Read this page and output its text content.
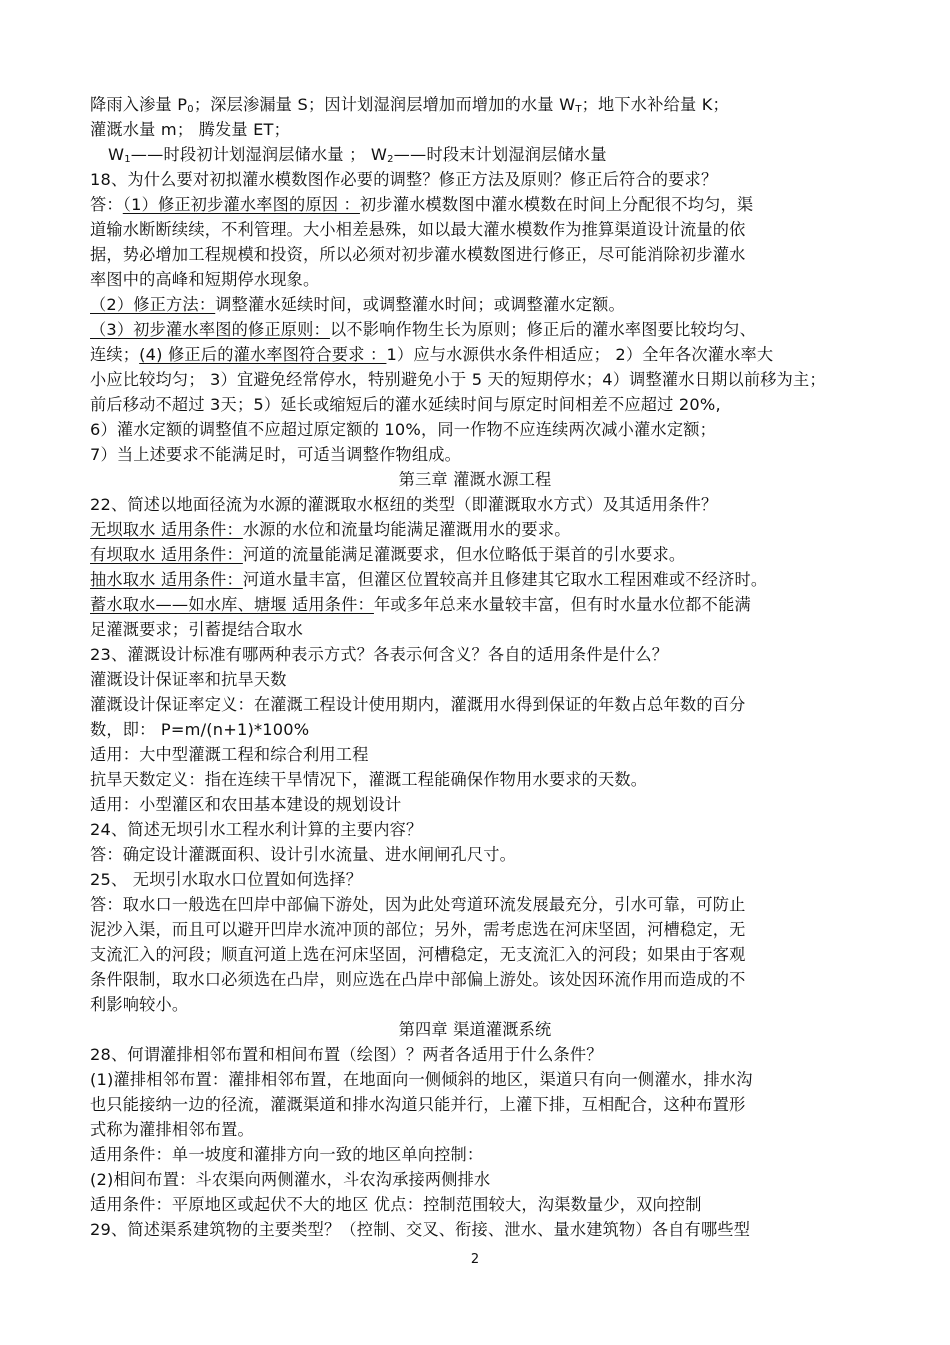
降雨入渗量 $P_0$；深层渗漏量 S；因计划湿润层增加而增加的水量 $W_T$；地下水补给量 K；
灌溉水量 m； 腾发量 ET；
$W_1——$时段初计划湿润层储水量 ； $W_2——$时段末计划湿润层储水量
18、为什么要对初拟灌水模数图作必要的调整？修正方法及原则？修正后符合的要求？
答：（1）修正初步灌水率图的原因 ：初步灌水模数图中灌水模数在时间上分配很不均匀，渠
道输水断断续续，不利管理。大小相差悬殊，如以最大灌水模数作为推算渠道设计流量的依
据，势必增加工程规模和投资，所以必须对初步灌水模数图进行修正，尽可能消除初步灌水
率图中的高峰和短期停水现象。
（2）修正方法：调整灌水延续时间，或调整灌水时间；或调整灌水定额。
（3）初步灌水率图的修正原则：以不影响作物生长为原则；修正后的灌水率图要比较均匀、
连续；(4) 修正后的灌水率图符合要求 ：1）应与水源供水条件相适应； 2）全年各次灌水率大
小应比较均匀； 3）宜避免经常停水，特别避免小于 5 天的短期停水；4）调整灌水日期以前移为主；
前后移动不超过 3天；5）延长或缩短后的灌水延续时间与原定时间相差不应超过 20%,
6）灌水定额的调整值不应超过原定额的 10%，同一作物不应连续两次减小灌水定额；
7）当上述要求不能满足时，可适当调整作物组成。
第三章 灌溉水源工程
22、简述以地面径流为水源的灌溉取水枢纽的类型（即灌溉取水方式）及其适用条件？
无坝取水 适用条件：水源的水位和流量均能满足灌溉用水的要求。
有坝取水 适用条件：河道的流量能满足灌溉要求，但水位略低于渠首的引水要求。
抽水取水 适用条件：河道水量丰富，但灌区位置较高并且修建其它取水工程困难或不经济时。
蓄水取水——如水库、塘堰 适用条件：年或多年总来水量较丰富，但有时水量水位都不能满
足灌溉要求；引蓄提结合取水
23、灌溉设计标准有哪两种表示方式？各表示何含义？各自的适用条件是什么？
灌溉设计保证率和抗旱天数
灌溉设计保证率定义：在灌溉工程设计使用期内，灌溉用水得到保证的年数占总年数的百分
数，即： P=m/(n+1)*100%
适用：大中型灌溉工程和综合利用工程
抗旱天数定义：指在连续干旱情况下，灌溉工程能确保作物用水要求的天数。
适用：小型灌区和农田基本建设的规划设计
24、简述无坝引水工程水利计算的主要内容？
答：确定设计灌溉面积、设计引水流量、进水闸闸孔尺寸。
25、 无坝引水取水口位置如何选择？
答：取水口一般选在凹岸中部偏下游处，因为此处弯道环流发展最充分，引水可靠，可防止
泥沙入渠，而且可以避开凹岸水流冲顶的部位；另外，需考虑选在河床坚固，河槽稳定，无
支流汇入的河段；顺直河道上选在河床坚固，河槽稳定，无支流汇入的河段；如果由于客观
条件限制，取水口必须选在凸岸，则应选在凸岸中部偏上游处。该处因环流作用而造成的不
利影响较小。
第四章 渠道灌溉系统
28、何谓灌排相邻布置和相间布置（绘图）？两者各适用于什么条件？
(1)灌排相邻布置：灌排相邻布置，在地面向一侧倾斜的地区，渠道只有向一侧灌水，排水沟
也只能接纳一边的径流，灌溉渠道和排水沟道只能并行，上灌下排，互相配合，这种布置形
式称为灌排相邻布置。
适用条件：单一坡度和灌排方向一致的地区单向控制：
(2)相间布置：斗农渠向两侧灌水，斗农沟承接两侧排水
适用条件：平原地区或起伏不大的地区 优点：控制范围较大，沟渠数量少，双向控制
29、简述渠系建筑物的主要类型？（控制、交叉、衔接、泄水、量水建筑物）各自有哪些型
2
